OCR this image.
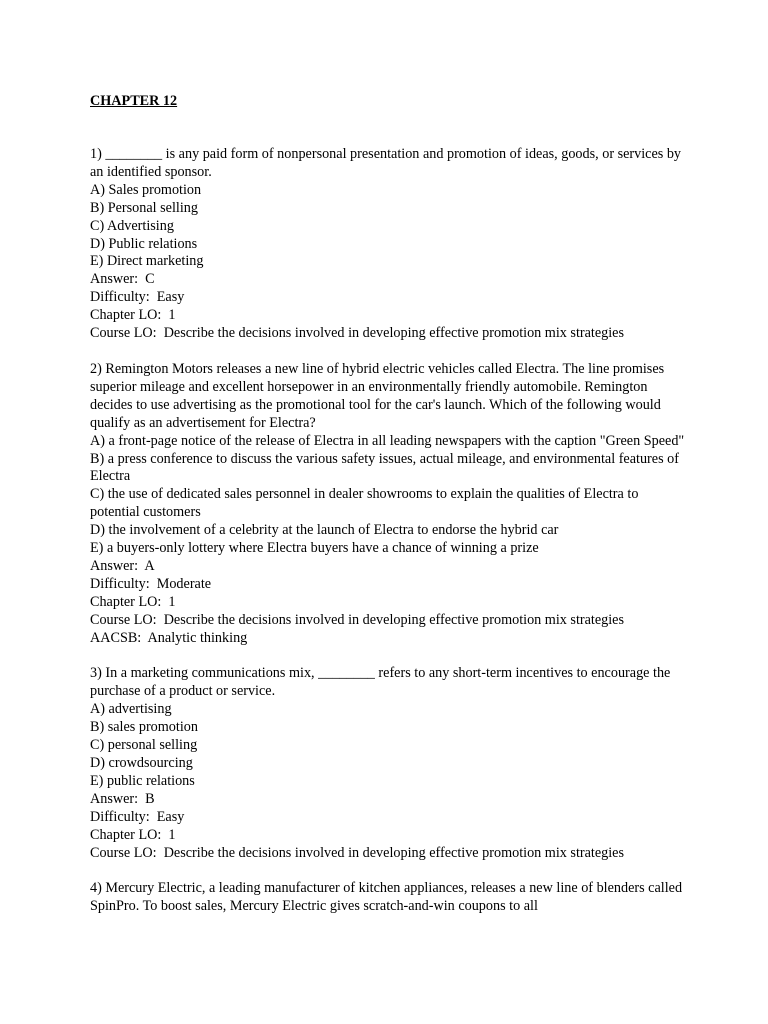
CHAPTER 12
1) ________ is any paid form of nonpersonal presentation and promotion of ideas, goods, or services by an identified sponsor.
A) Sales promotion
B) Personal selling
C) Advertising
D) Public relations
E) Direct marketing
Answer:  C
Difficulty:  Easy
Chapter LO:  1
Course LO:  Describe the decisions involved in developing effective promotion mix strategies
2) Remington Motors releases a new line of hybrid electric vehicles called Electra. The line promises superior mileage and excellent horsepower in an environmentally friendly automobile. Remington decides to use advertising as the promotional tool for the car's launch. Which of the following would qualify as an advertisement for Electra?
A) a front-page notice of the release of Electra in all leading newspapers with the caption "Green Speed"
B) a press conference to discuss the various safety issues, actual mileage, and environmental features of Electra
C) the use of dedicated sales personnel in dealer showrooms to explain the qualities of Electra to potential customers
D) the involvement of a celebrity at the launch of Electra to endorse the hybrid car
E) a buyers-only lottery where Electra buyers have a chance of winning a prize
Answer:  A
Difficulty:  Moderate
Chapter LO:  1
Course LO:  Describe the decisions involved in developing effective promotion mix strategies
AACSB:  Analytic thinking
3) In a marketing communications mix, ________ refers to any short-term incentives to encourage the purchase of a product or service.
A) advertising
B) sales promotion
C) personal selling
D) crowdsourcing
E) public relations
Answer:  B
Difficulty:  Easy
Chapter LO:  1
Course LO:  Describe the decisions involved in developing effective promotion mix strategies
4) Mercury Electric, a leading manufacturer of kitchen appliances, releases a new line of blenders called SpinPro. To boost sales, Mercury Electric gives scratch-and-win coupons to all
